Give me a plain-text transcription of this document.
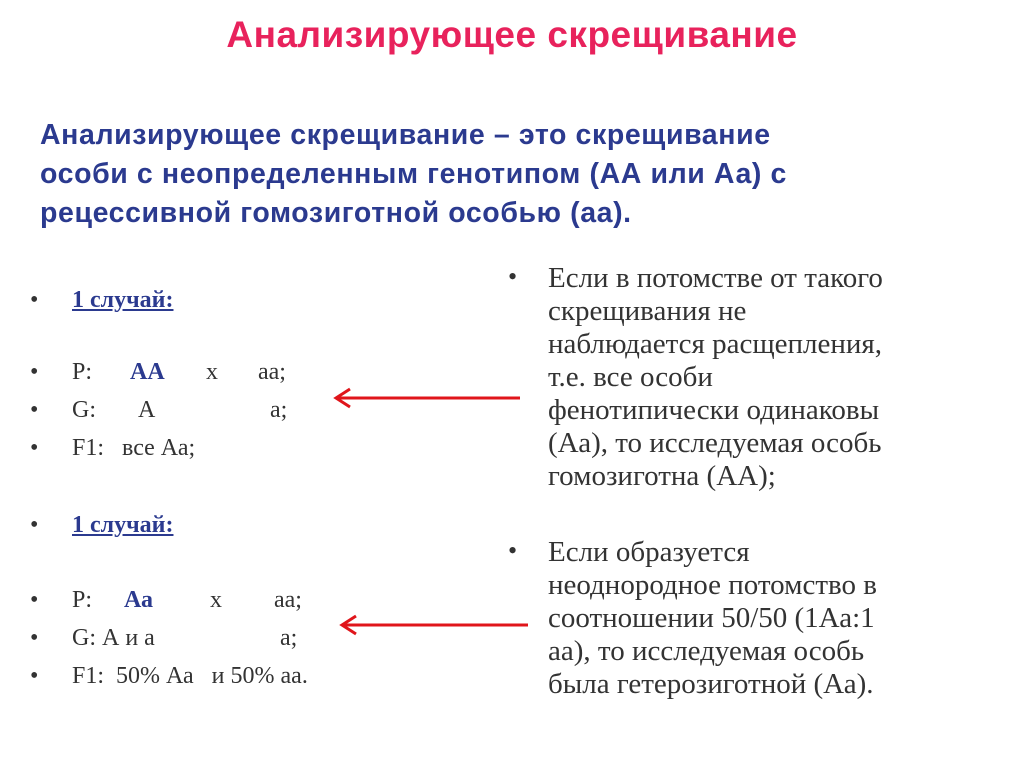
Анализирующее скрещивание
Анализирующее скрещивание – это скрещивание
особи с неопределенным генотипом (АА или Аа) с
рецессивной гомозиготной особью (аа).
• 1 случай:
• P: АА х аа;
• G: А	а;
• F1:   все Аа;
• 1 случай:
• P: Аа х аа;
• G: А и а	а;
• F1:  50% Аа   и 50% аа.
• Если в потомстве от такого
скрещивания не
наблюдается расщепления,
т.е. все особи
фенотипически одинаковы
(Аа), то исследуемая особь
гомозиготна (АА);
• Если образуется
неоднородное потомство в
соотношении 50/50 (1Аа:1
аа), то исследуемая особь
была гетерозиготной (Аа).
